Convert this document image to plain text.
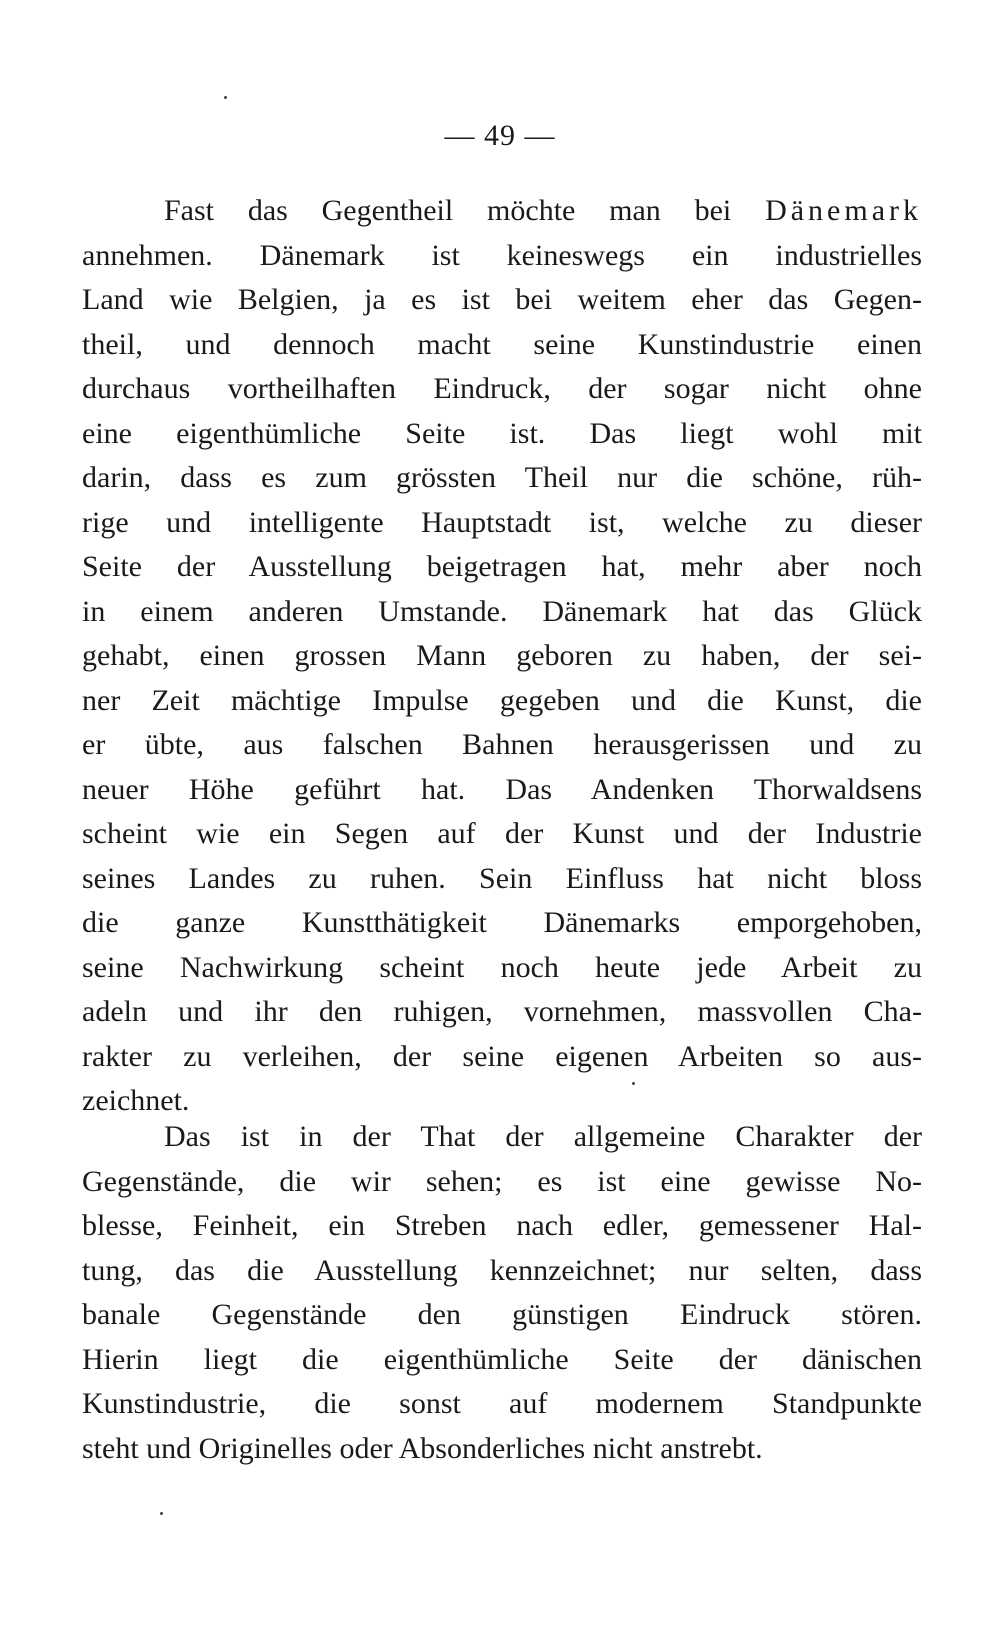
— 49 —
Fast das Gegentheil möchte man bei Dänemark
annehmen. Dänemark ist keineswegs ein industrielles
Land wie Belgien, ja es ist bei weitem eher das Gegen-
theil, und dennoch macht seine Kunstindustrie einen
durchaus vortheilhaften Eindruck, der sogar nicht ohne
eine eigenthümliche Seite ist. Das liegt wohl mit
darin, dass es zum grössten Theil nur die schöne, rüh-
rige und intelligente Hauptstadt ist, welche zu dieser
Seite der Ausstellung beigetragen hat, mehr aber noch
in einem anderen Umstande. Dänemark hat das Glück
gehabt, einen grossen Mann geboren zu haben, der sei-
ner Zeit mächtige Impulse gegeben und die Kunst, die
er übte, aus falschen Bahnen herausgerissen und zu
neuer Höhe geführt hat. Das Andenken Thorwaldsens
scheint wie ein Segen auf der Kunst und der Industrie
seines Landes zu ruhen. Sein Einfluss hat nicht bloss
die ganze Kunstthätigkeit Dänemarks emporgehoben,
seine Nachwirkung scheint noch heute jede Arbeit zu
adeln und ihr den ruhigen, vornehmen, massvollen Cha-
rakter zu verleihen, der seine eigenen Arbeiten so aus-
zeichnet.
Das ist in der That der allgemeine Charakter der
Gegenstände, die wir sehen; es ist eine gewisse No-
blesse, Feinheit, ein Streben nach edler, gemessener Hal-
tung, das die Ausstellung kennzeichnet; nur selten, dass
banale Gegenstände den günstigen Eindruck stören.
Hierin liegt die eigenthümliche Seite der dänischen
Kunstindustrie, die sonst auf modernem Standpunkte
steht und Originelles oder Absonderliches nicht anstrebt.
